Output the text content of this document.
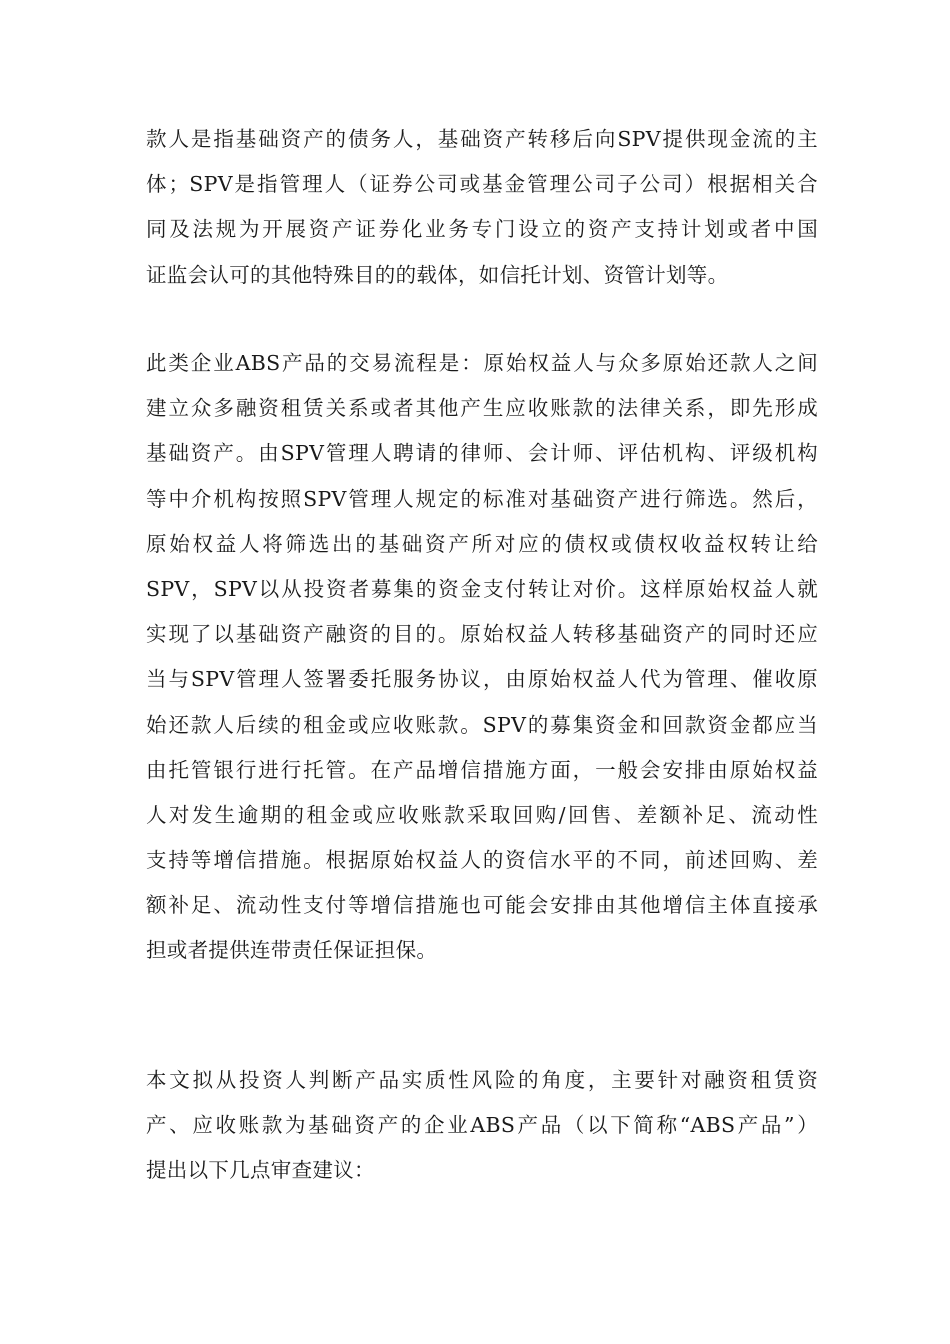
款人是指基础资产的债务人，基础资产转移后向SPV提供现金流的主
体；SPV是指管理人（证券公司或基金管理公司子公司）根据相关合
同及法规为开展资产证券化业务专门设立的资产支持计划或者中国
证监会认可的其他特殊目的的载体，如信托计划、资管计划等。
此类企业ABS产品的交易流程是：原始权益人与众多原始还款人之间
建立众多融资租赁关系或者其他产生应收账款的法律关系，即先形成
基础资产。由SPV管理人聘请的律师、会计师、评估机构、评级机构
等中介机构按照SPV管理人规定的标准对基础资产进行筛选。然后，
原始权益人将筛选出的基础资产所对应的债权或债权收益权转让给
SPV，SPV以从投资者募集的资金支付转让对价。这样原始权益人就
实现了以基础资产融资的目的。原始权益人转移基础资产的同时还应
当与SPV管理人签署委托服务协议，由原始权益人代为管理、催收原
始还款人后续的租金或应收账款。SPV的募集资金和回款资金都应当
由托管银行进行托管。在产品增信措施方面，一般会安排由原始权益
人对发生逾期的租金或应收账款采取回购/回售、差额补足、流动性
支持等增信措施。根据原始权益人的资信水平的不同，前述回购、差
额补足、流动性支付等增信措施也可能会安排由其他增信主体直接承
担或者提供连带责任保证担保。
本文拟从投资人判断产品实质性风险的角度，主要针对融资租赁资
产、应收账款为基础资产的企业ABS产品（以下简称“ABS产品”）
提出以下几点审查建议：
